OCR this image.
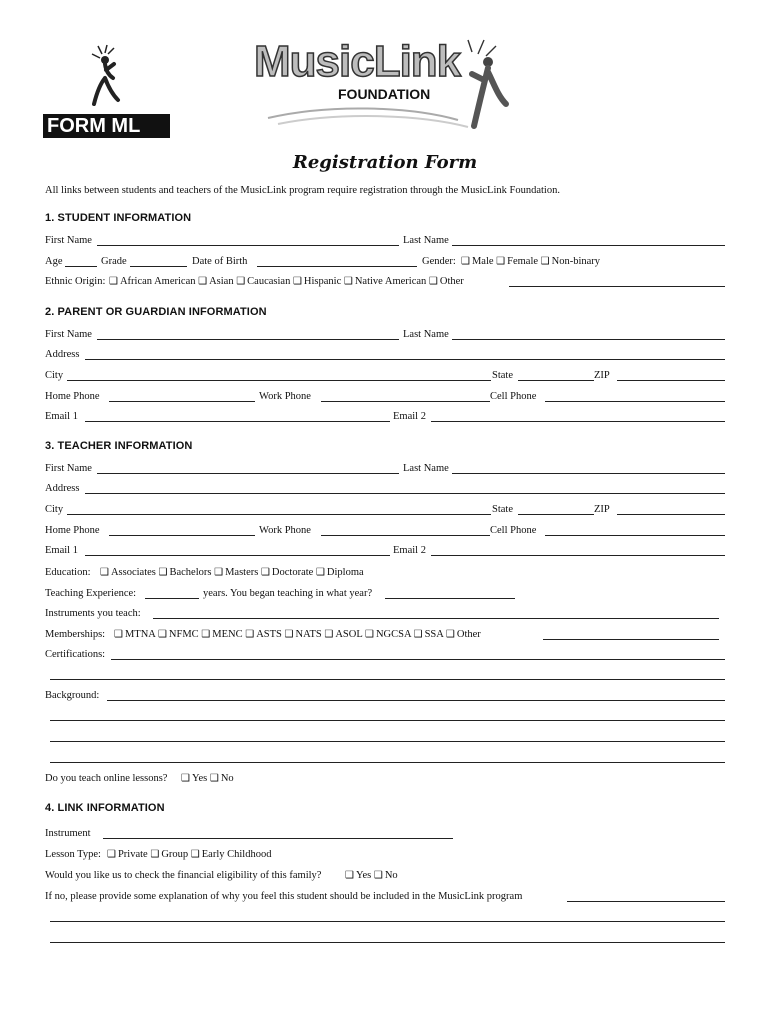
FORM ML
MusicLink
FOUNDATION
Registration Form
All links between students and teachers of the MusicLink program require registration through the MusicLink Foundation.
1. STUDENT INFORMATION
First Name	Last Name
Age	Grade	Date of Birth	Gender: ❑ Male ❑ Female ❑ Non-binary
Ethnic Origin: ❑ African American ❑ Asian ❑ Caucasian ❑ Hispanic ❑ Native American ❑ Other
2. PARENT OR GUARDIAN INFORMATION
First Name	Last Name
Address
City	State	ZIP
Home Phone	Work Phone	Cell Phone
Email 1	Email 2
3. TEACHER INFORMATION
First Name	Last Name
Address
City	State	ZIP
Home Phone	Work Phone	Cell Phone
Email 1	Email 2
Education: ❑ Associates ❑ Bachelors ❑ Masters ❑ Doctorate ❑ Diploma
Teaching Experience:	years. You began teaching in what year?
Instruments you teach:
Memberships: ❑ MTNA ❑ NFMC ❑ MENC ❑ ASTS ❑ NATS ❑ ASOL ❑ NGCSA ❑ SSA ❑ Other
Certifications:
Background:
Do you teach online lessons? ❑ Yes ❑ No
4. LINK INFORMATION
Instrument
Lesson Type: ❑ Private ❑ Group ❑ Early Childhood
Would you like us to check the financial eligibility of this family? ❑ Yes ❑ No
If no, please provide some explanation of why you feel this student should be included in the MusicLink program
